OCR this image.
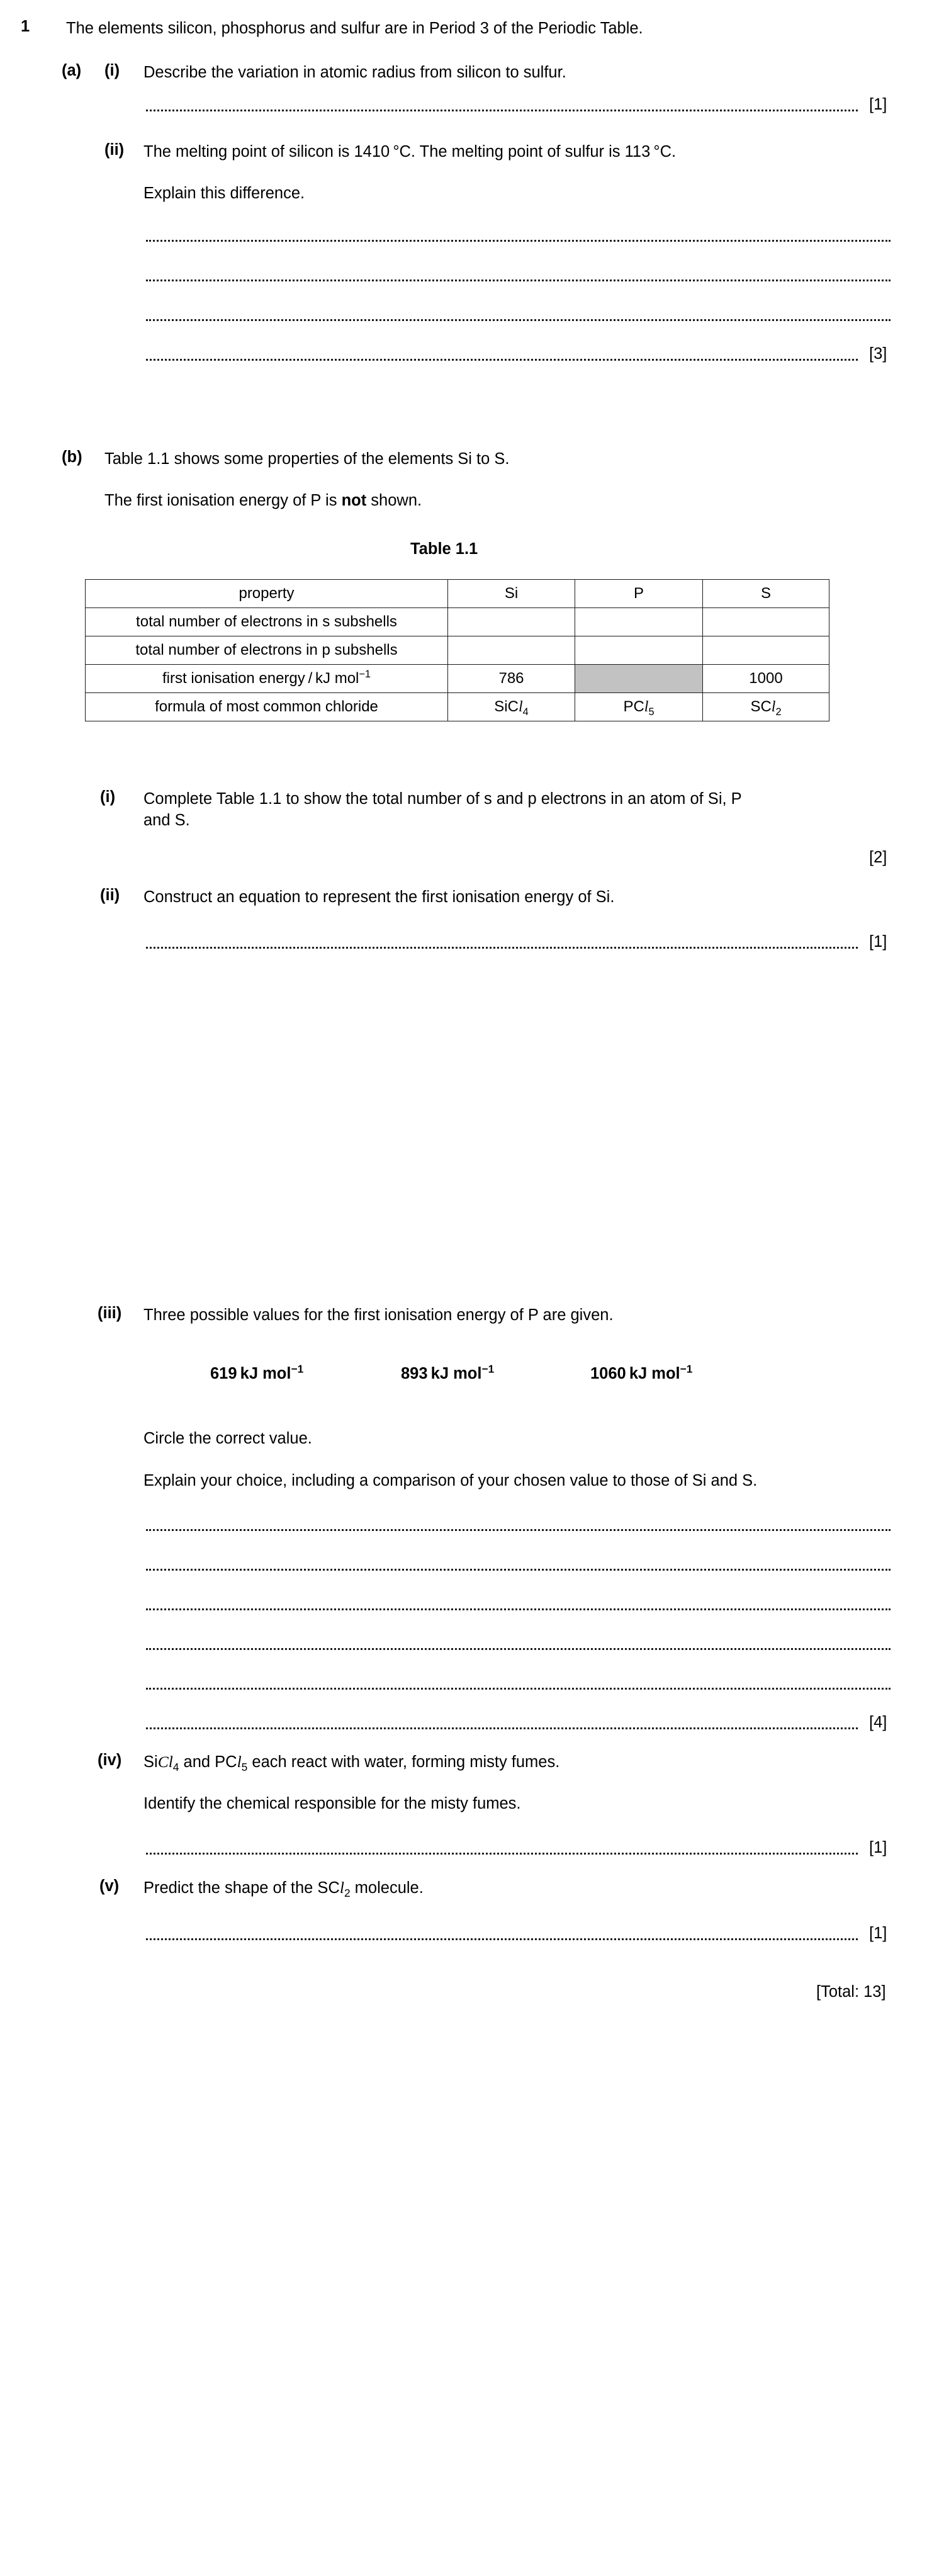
1 The elements silicon, phosphorus and sulfur are in Period 3 of the Periodic Table.
(a) (i) Describe the variation in atomic radius from silicon to sulfur.
[1]
(ii) The melting point of silicon is 1410 °C. The melting point of sulfur is 113 °C.
Explain this difference.
[3]
(b) Table 1.1 shows some properties of the elements Si to S.
The first ionisation energy of P is not shown.
Table 1.1
property	Si	P	S
total number of electrons in s subshells			
total number of electrons in p subshells			
first ionisation energy / kJ mol$^{-1}$	786		1000
formula of most common chloride	SiCl$_4$	PCl$_5$	SCl$_2$
(i) Complete Table 1.1 to show the total number of s and p electrons in an atom of Si, P
and S.
[2]
(ii) Construct an equation to represent the first ionisation energy of Si.
[1]
(iii) Three possible values for the first ionisation energy of P are given.
619  kJ mol$^{-1}$	893  kJ mol$^{-1}$	1060  kJ mol$^{-1}$
Circle the correct value.
Explain your choice, including a comparison of your chosen value to those of Si and S.
[4]
(iv) SiCl$_4$ and PCl$_5$ each react with water, forming misty fumes.
Identify the chemical responsible for the misty fumes.
[1]
(v) Predict the shape of the SCl$_2$ molecule.
[1]
[Total: 13]
